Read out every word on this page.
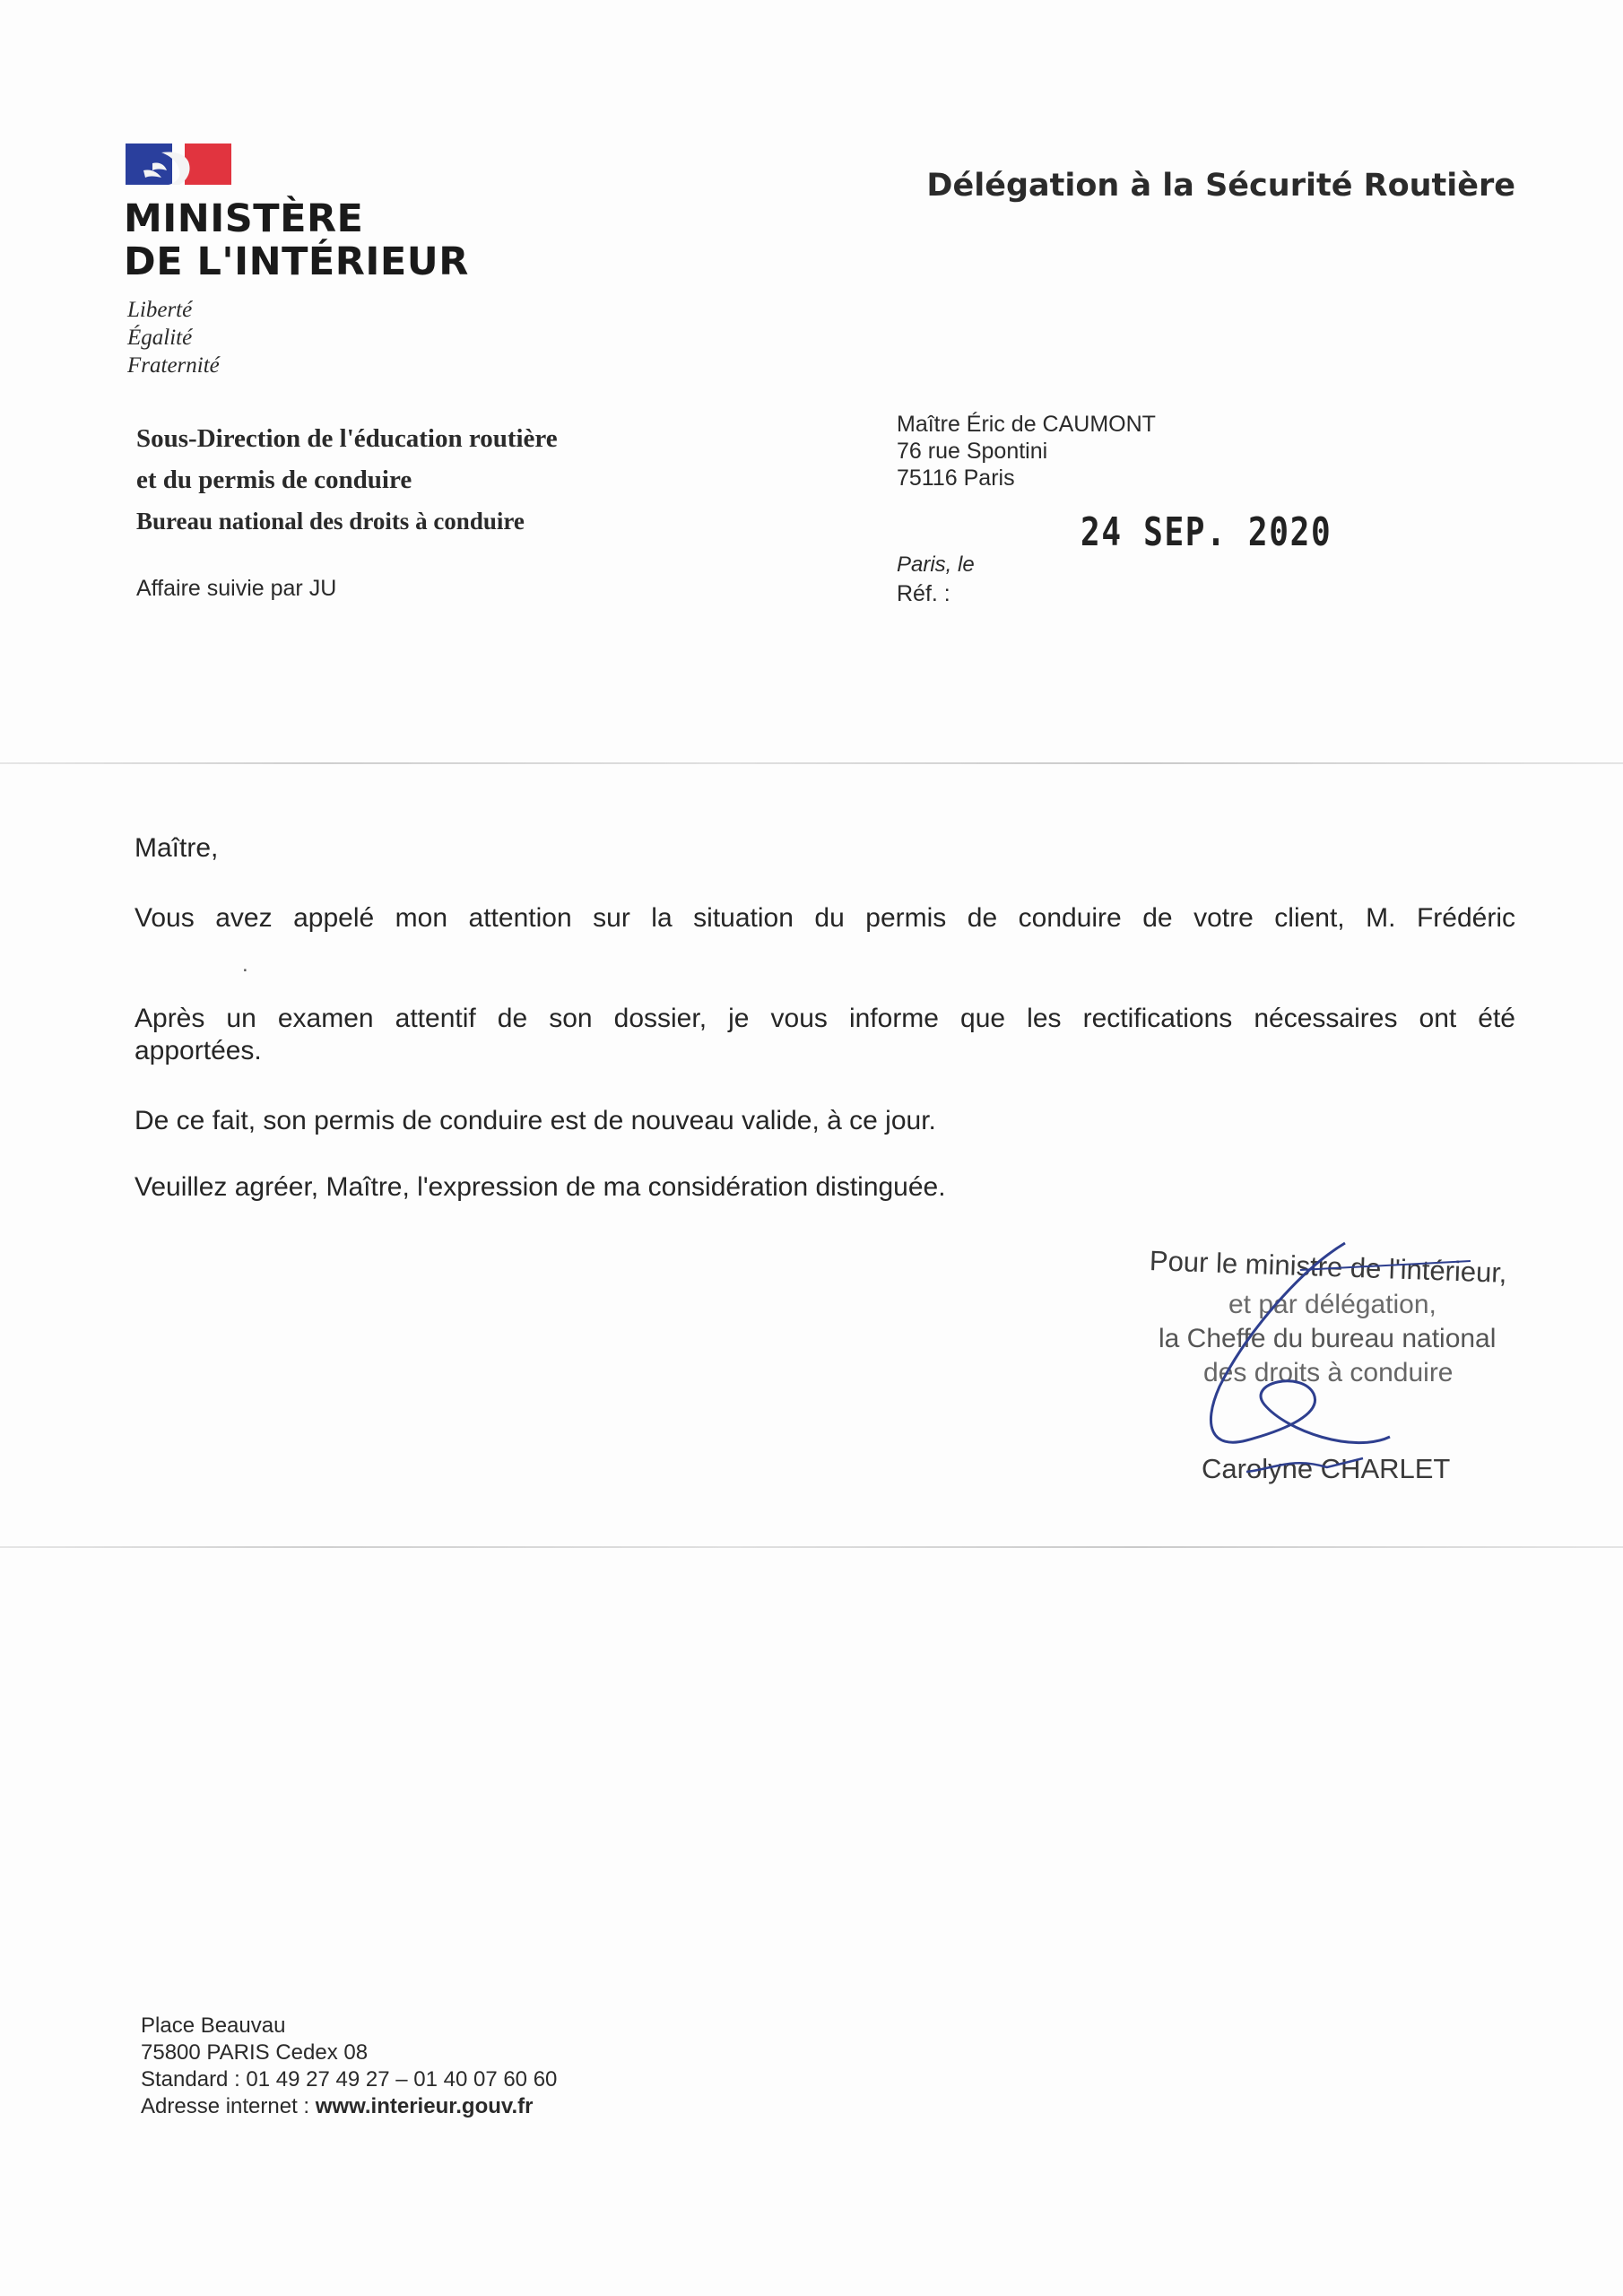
MINISTÈRE
DE L'INTÉRIEUR
Liberté
Égalité
Fraternité
Délégation à la Sécurité Routière
Sous-Direction de l'éducation routière
et du permis de conduire
Bureau national des droits à conduire
Affaire suivie par JU
Maître Éric de CAUMONT
76 rue Spontini
75116 Paris
24 SEP. 2020
Paris, le
Réf. :
Maître,
Vous avez appelé mon attention sur la situation du permis de conduire de votre client, M. Frédéric
.
Après un examen attentif de son dossier, je vous informe que les rectifications nécessaires ont été
apportées.
De ce fait, son permis de conduire est de nouveau valide, à ce jour.
Veuillez agréer, Maître, l'expression de ma considération distinguée.
Pour le ministre de l'intérieur,
et par délégation,
la Cheffe du bureau national
des droits à conduire
Carolyne CHARLET
Place Beauvau
75800 PARIS Cedex 08
Standard : 01 49 27 49 27 – 01 40 07 60 60
Adresse internet : www.interieur.gouv.fr
